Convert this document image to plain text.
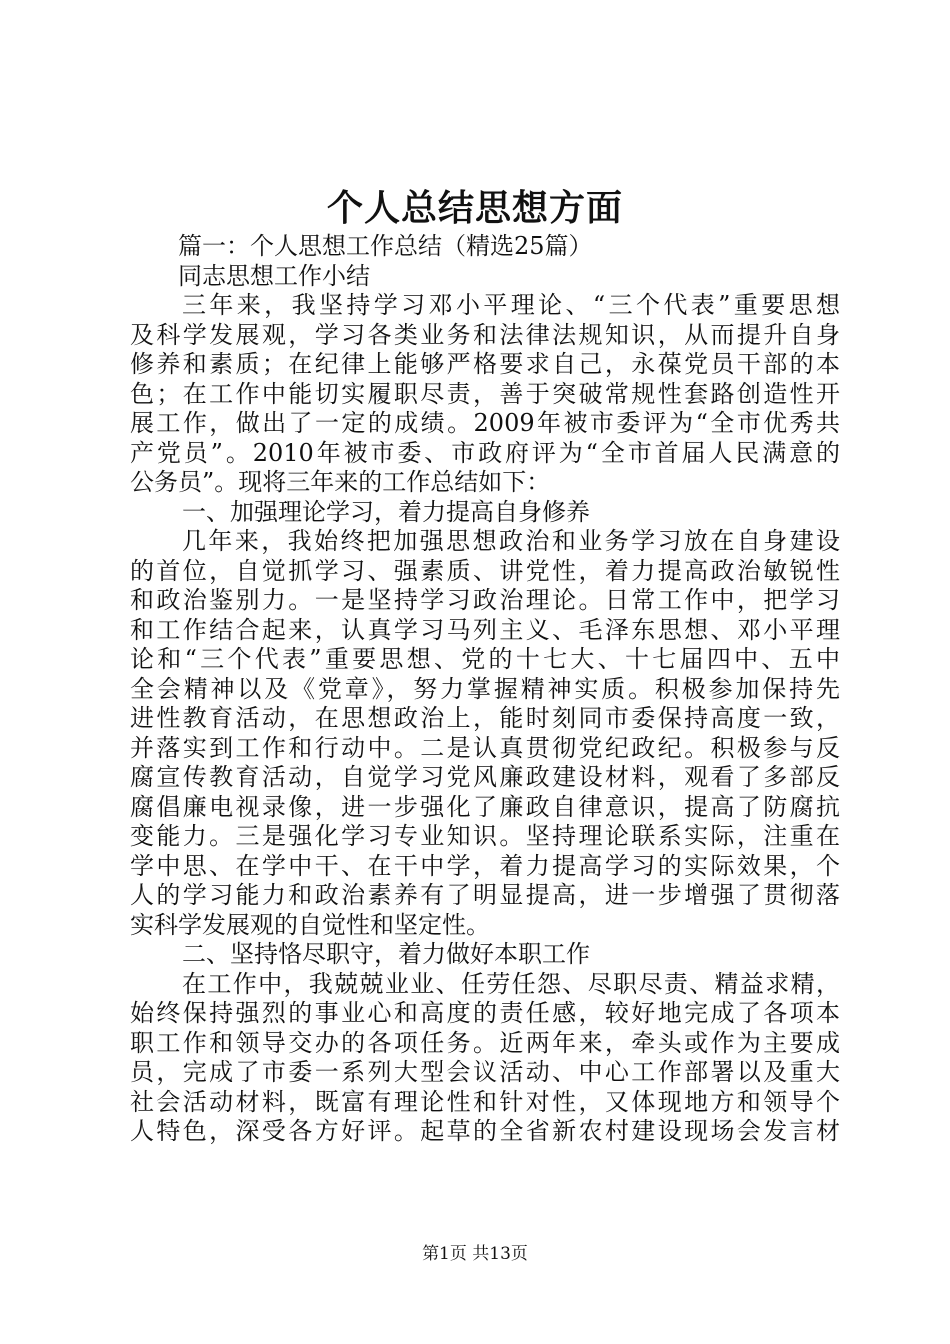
个人总结思想方面
篇一：个人思想工作总结（精选25篇）
同志思想工作小结
三年来，我坚持学习邓小平理论、“三个代表”重要思想
及科学发展观，学习各类业务和法律法规知识，从而提升自身
修养和素质；在纪律上能够严格要求自己，永葆党员干部的本
色；在工作中能切实履职尽责，善于突破常规性套路创造性开
展工作，做出了一定的成绩。2009年被市委评为“全市优秀共
产党员”。2010年被市委、市政府评为“全市首届人民满意的
公务员”。现将三年来的工作总结如下：
一、加强理论学习，着力提高自身修养
几年来，我始终把加强思想政治和业务学习放在自身建设
的首位，自觉抓学习、强素质、讲党性，着力提高政治敏锐性
和政治鉴别力。一是坚持学习政治理论。日常工作中，把学习
和工作结合起来，认真学习马列主义、毛泽东思想、邓小平理
论和“三个代表”重要思想、党的十七大、十七届四中、五中
全会精神以及《党章》，努力掌握精神实质。积极参加保持先
进性教育活动，在思想政治上，能时刻同市委保持高度一致，
并落实到工作和行动中。二是认真贯彻党纪政纪。积极参与反
腐宣传教育活动，自觉学习党风廉政建设材料，观看了多部反
腐倡廉电视录像，进一步强化了廉政自律意识，提高了防腐抗
变能力。三是强化学习专业知识。坚持理论联系实际，注重在
学中思、在学中干、在干中学，着力提高学习的实际效果，个
人的学习能力和政治素养有了明显提高，进一步增强了贯彻落
实科学发展观的自觉性和坚定性。
二、坚持恪尽职守，着力做好本职工作
在工作中，我兢兢业业、任劳任怨、尽职尽责、精益求精，
始终保持强烈的事业心和高度的责任感，较好地完成了各项本
职工作和领导交办的各项任务。近两年来，牵头或作为主要成
员，完成了市委一系列大型会议活动、中心工作部署以及重大
社会活动材料，既富有理论性和针对性，又体现地方和领导个
人特色，深受各方好评。起草的全省新农村建设现场会发言材
第1页 共13页
